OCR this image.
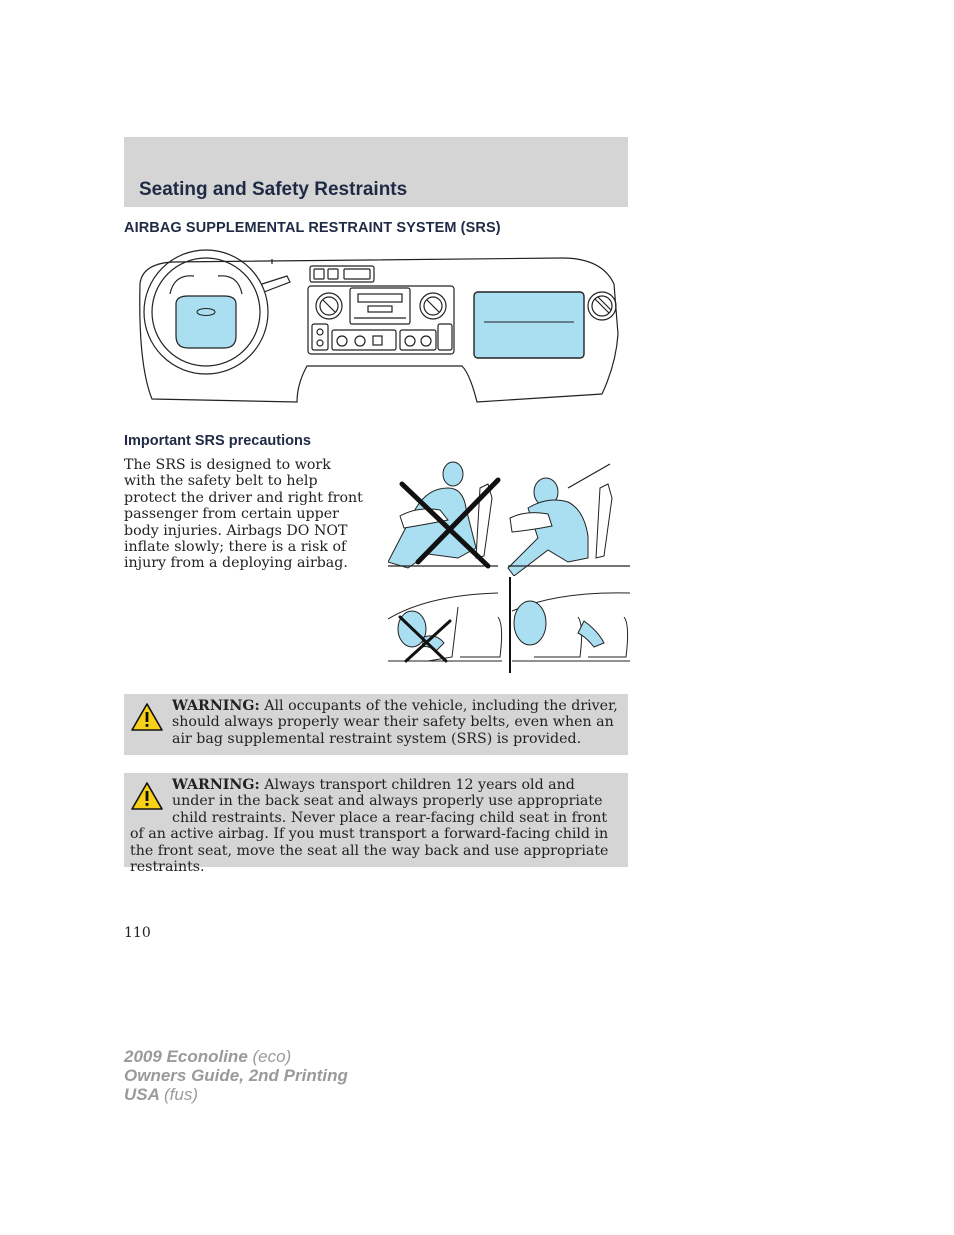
Seating and Safety Restraints
AIRBAG SUPPLEMENTAL RESTRAINT SYSTEM (SRS)
Important SRS precautions

The SRS is designed to work with the safety belt to help protect the driver and right front passenger from certain upper body injuries. Airbags DO NOT inflate slowly; there is a risk of injury from a deploying airbag.

WARNING: All occupants of the vehicle, including the driver, should always properly wear their safety belts, even when an air bag supplemental restraint system (SRS) is provided.

WARNING: Always transport children 12 years old and under in the back seat and always properly use appropriate child restraints. Never place a rear-facing child seat in front of an active airbag. If you must transport a forward-facing child in the front seat, move the seat all the way back and use appropriate restraints.

110

2009 Econoline (eco)
Owners Guide, 2nd Printing
USA (fus)
